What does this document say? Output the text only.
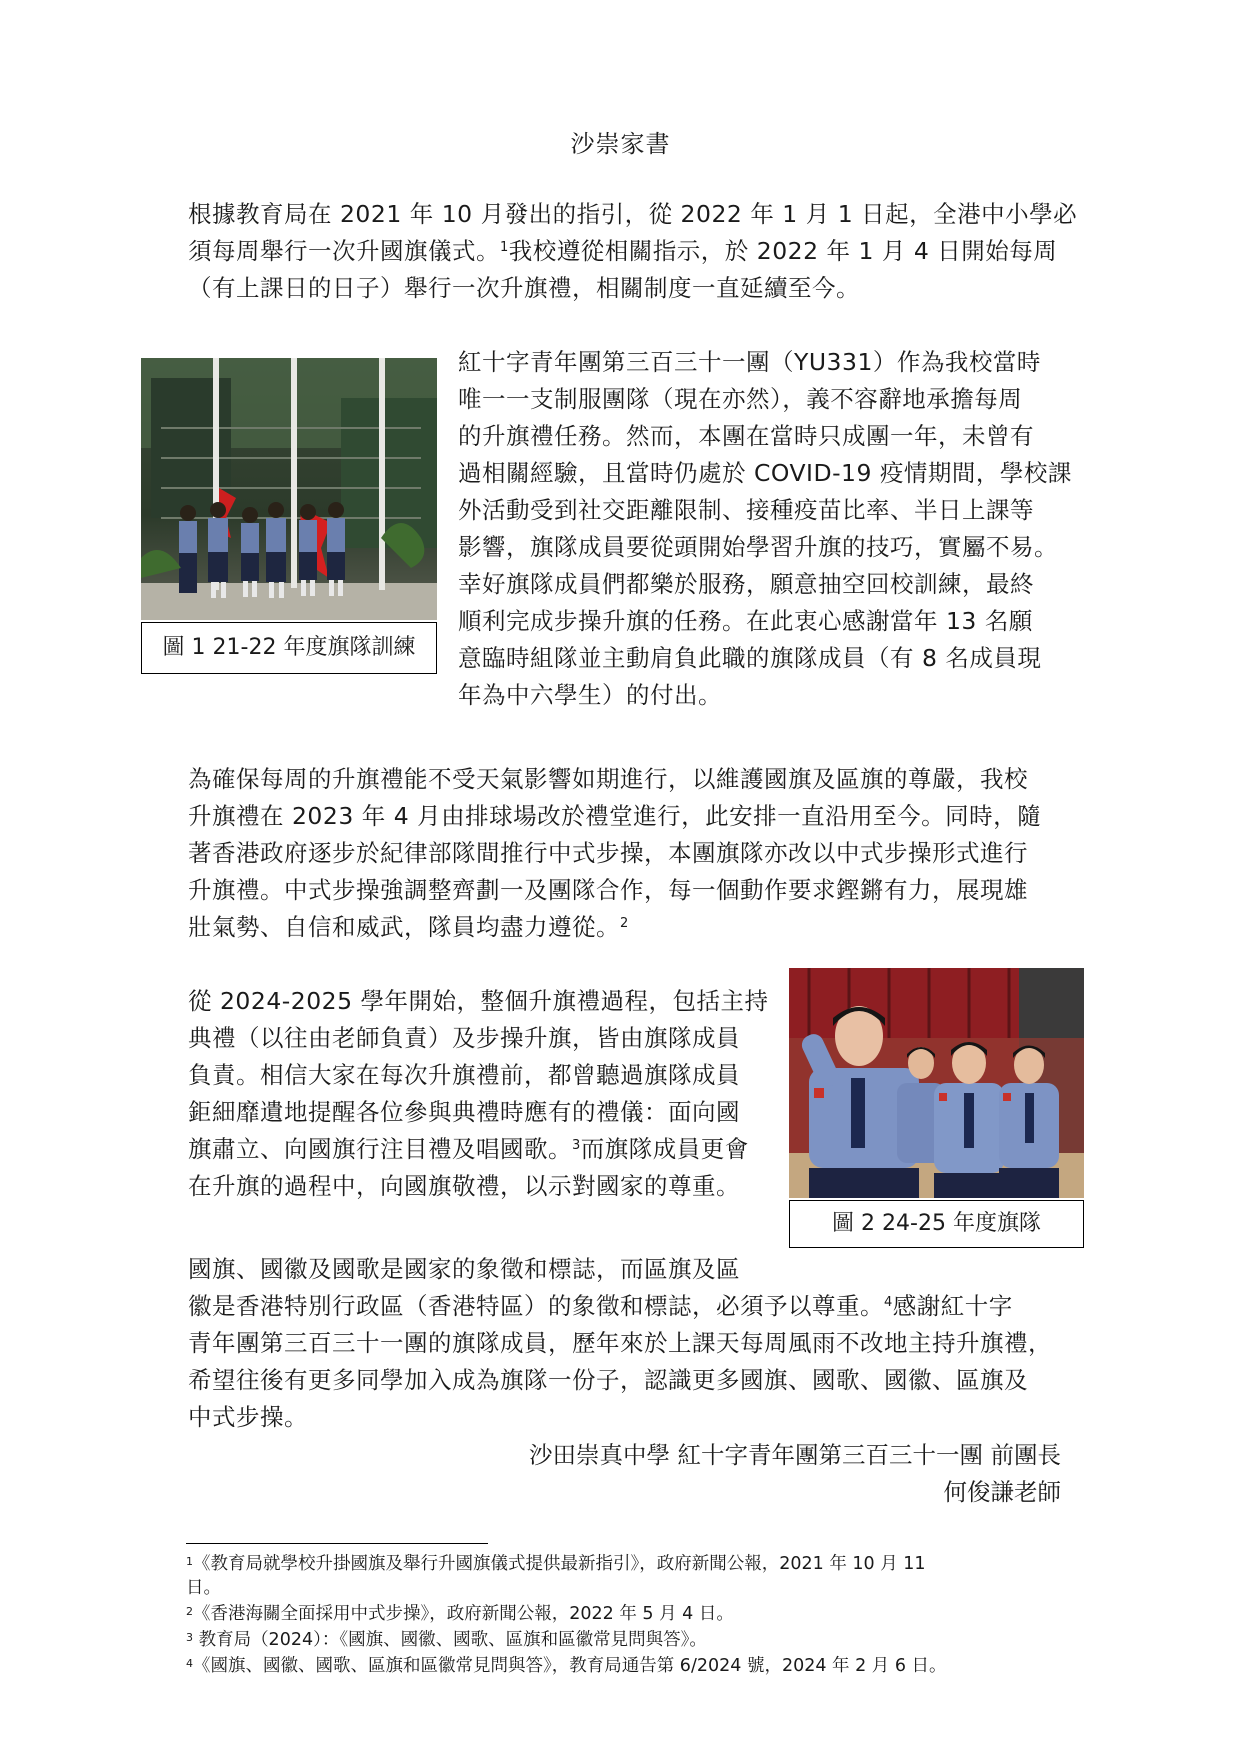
沙崇家書
根據教育局在 2021 年 10 月發出的指引，從 2022 年 1 月 1 日起，全港中小學必
須每周舉行一次升國旗儀式。$^1$我校遵從相關指示，於 2022 年 1 月 4 日開始每周
（有上課日的日子）舉行一次升旗禮，相關制度一直延續至今。
圖 1 21-22 年度旗隊訓練
紅十字青年團第三百三十一團（YU331）作為我校當時
唯一一支制服團隊（現在亦然），義不容辭地承擔每周
的升旗禮任務。然而，本團在當時只成團一年，未曾有
過相關經驗，且當時仍處於 COVID-19 疫情期間，學校課
外活動受到社交距離限制、接種疫苗比率、半日上課等
影響，旗隊成員要從頭開始學習升旗的技巧，實屬不易。
幸好旗隊成員們都樂於服務，願意抽空回校訓練，最終
順利完成步操升旗的任務。在此衷心感謝當年 13 名願
意臨時組隊並主動肩負此職的旗隊成員（有 8 名成員現
年為中六學生）的付出。
為確保每周的升旗禮能不受天氣影響如期進行，以維護國旗及區旗的尊嚴，我校
升旗禮在 2023 年 4 月由排球場改於禮堂進行，此安排一直沿用至今。同時，隨
著香港政府逐步於紀律部隊間推行中式步操，本團旗隊亦改以中式步操形式進行
升旗禮。中式步操強調整齊劃一及團隊合作，每一個動作要求鏗鏘有力，展現雄
壯氣勢、自信和威武，隊員均盡力遵從。$^2$
從 2024-2025 學年開始，整個升旗禮過程，包括主持
典禮（以往由老師負責）及步操升旗，皆由旗隊成員
負責。相信大家在每次升旗禮前，都曾聽過旗隊成員
鉅細靡遺地提醒各位參與典禮時應有的禮儀：面向國
旗肅立、向國旗行注目禮及唱國歌。$^3$而旗隊成員更會
在升旗的過程中，向國旗敬禮，以示對國家的尊重。
圖 2 24-25 年度旗隊
國旗、國徽及國歌是國家的象徵和標誌，而區旗及區
徽是香港特別行政區（香港特區）的象徵和標誌，必須予以尊重。$^4$感謝紅十字
青年團第三百三十一團的旗隊成員，歷年來於上課天每周風雨不改地主持升旗禮，
希望往後有更多同學加入成為旗隊一份子，認識更多國旗、國歌、國徽、區旗及
中式步操。
沙田崇真中學 紅十字青年團第三百三十一團 前團長
何俊謙老師
$^1$《教育局就學校升掛國旗及舉行升國旗儀式提供最新指引》，政府新聞公報，2021 年 10 月 11
日。
$^2$《香港海關全面採用中式步操》，政府新聞公報，2022 年 5 月 4 日。
$^3$ 教育局（2024）：《國旗、國徽、國歌、區旗和區徽常見問與答》。
$^4$《國旗、國徽、國歌、區旗和區徽常見問與答》，教育局通告第 6/2024 號，2024 年 2 月 6 日。
